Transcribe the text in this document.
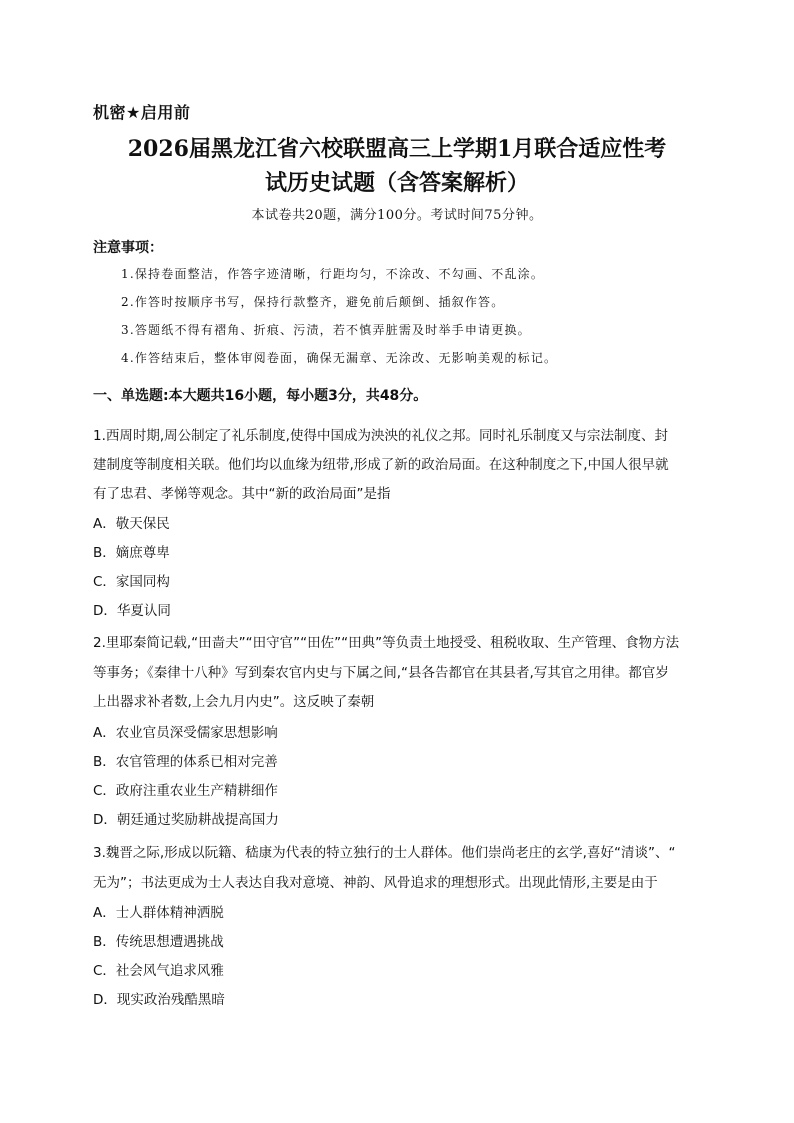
机密★启用前
2026届黑龙江省六校联盟高三上学期1月联合适应性考
试历史试题（含答案解析）
本试卷共20题，满分100分。考试时间75分钟。
注意事项：
1.保持卷面整洁，作答字迹清晰，行距均匀，不涂改、不勾画、不乱涂。
2.作答时按顺序书写，保持行款整齐，避免前后颠倒、插叙作答。
3.答题纸不得有褶角、折痕、污渍，若不慎弄脏需及时举手申请更换。
4.作答结束后，整体审阅卷面，确保无漏章、无涂改、无影响美观的标记。
一、单选题:本大题共16小题，每小题3分，共48分。
1.西周时期,周公制定了礼乐制度,使得中国成为泱泱的礼仪之邦。同时礼乐制度又与宗法制度、封
建制度等制度相关联。他们均以血缘为纽带,形成了新的政治局面。在这种制度之下,中国人很早就
有了忠君、孝悌等观念。其中“新的政治局面”是指
A．敬天保民
B．嫡庶尊卑
C．家国同构
D．华夏认同
2.里耶秦简记载,“田啬夫”“田守官”“田佐”“田典”等负责土地授受、租税收取、生产管理、食物方法
等事务；《秦律十八种》写到秦农官内史与下属之间,“县各告都官在其县者,写其官之用律。都官岁
上出器求补者数,上会九月内史”。这反映了秦朝
A．农业官员深受儒家思想影响
B．农官管理的体系已相对完善
C．政府注重农业生产精耕细作
D．朝廷通过奖励耕战提高国力
3.魏晋之际,形成以阮籍、嵇康为代表的特立独行的士人群体。他们崇尚老庄的玄学,喜好“清谈”、“
无为”；书法更成为士人表达自我对意境、神韵、风骨追求的理想形式。出现此情形,主要是由于
A．士人群体精神洒脱
B．传统思想遭遇挑战
C．社会风气追求风雅
D．现实政治残酷黑暗
